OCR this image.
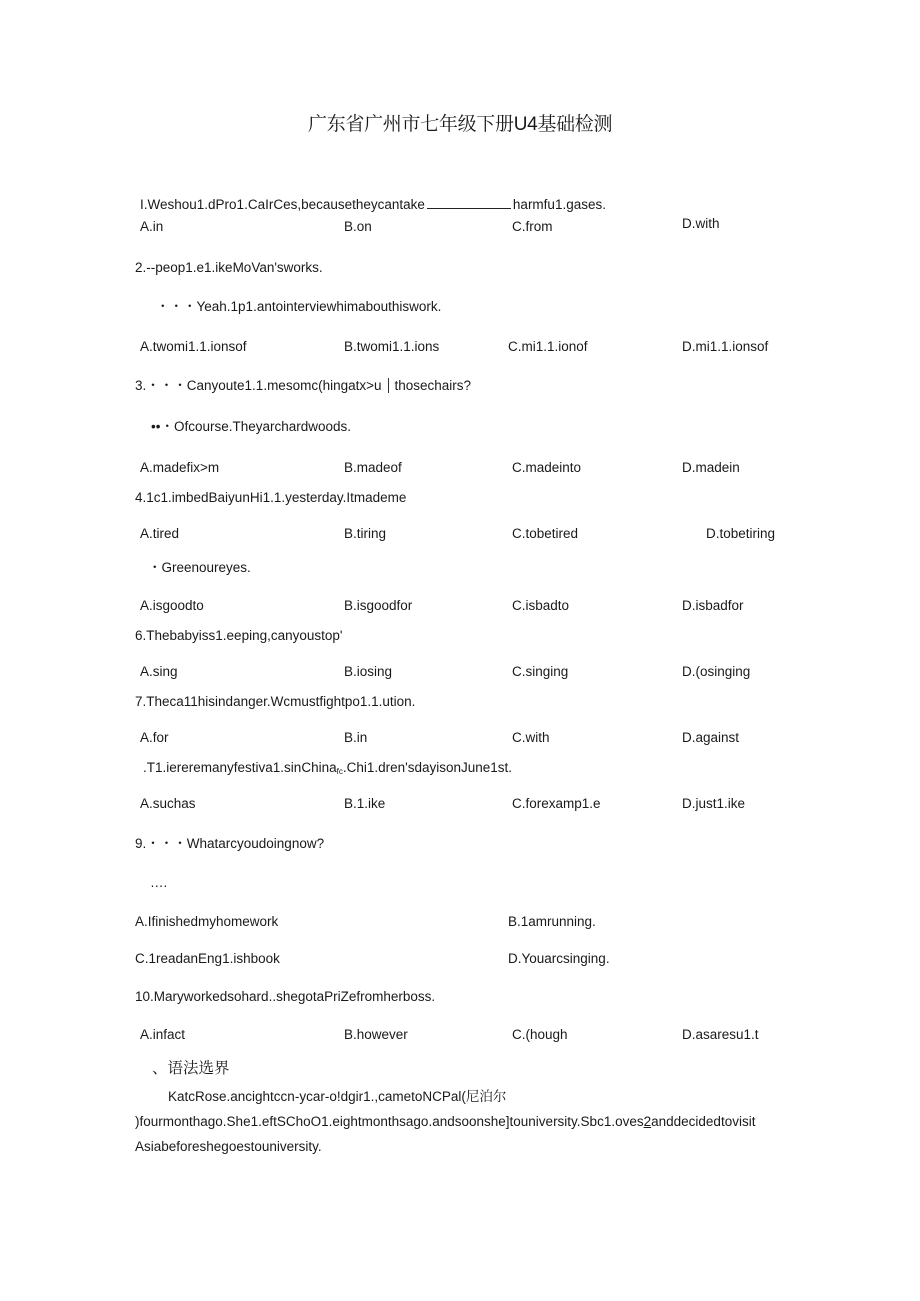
广东省广州市七年级下册U4基础检测
I.Weshou1.dPro1.CaIrCes,becausetheycantake	harmfu1.gases.
A.in	B.on	C.from	D.with
2.--peop1.e1.ikeMoVan'sworks.
・・・Yeah.1p1.antointerviewhimabouthiswork.
A.twomi1.1.ionsof	B.twomi1.1.ions	C.mi1.1.ionof	D.mi1.1.ionsof
3.・・・Canyoute1.1.mesomc(hingatx>u thosechairs?
••・Ofcourse.Theyarchardwoods.
A.madefix>m	B.madeof	C.madeinto	D.madein
4.1c1.imbedBaiyunHi1.1.yesterday.Itmademe
A.tired	B.tiring	C.tobetired	D.tobetiring
・Greenoureyes.
A.isgoodto	B.isgoodfor	C.isbadto	D.isbadfor
6.Thebabyiss1.eeping,canyoustop'
A.sing	B.iosing	C.singing	D.(osinging
7.Theca11hisindanger.Wcmustfightpo1.1.ution.
A.for	B.in	C.with	D.against
.T1.iereremanyfestiva1.sinChina$_{fc}$.Chi1.dren'sdayisonJune1st.
A.suchas	B.1.ike	C.forexamp1.e	D.just1.ike
9.・・・Whatarcyoudoingnow?
….
A.Ifinishedmyhomework	B.1amrunning.
C.1readanEng1.ishbook	D.Youarcsinging.
10.Maryworkedsohard..shegotaPriZefromherboss.
A.infact	B.however	C.(hough	D.asaresu1.t
、语法选界
KatcRose.ancightccn-ycar-o!dgir1.,cametoNCPal(尼泊尔
)fourmonthago.She1.eftSChoO1.eightmonthsago.andsoonshe]touniversity.Sbc1.oves2anddecidedtovisit
Asiabeforeshegoestouniversity.
